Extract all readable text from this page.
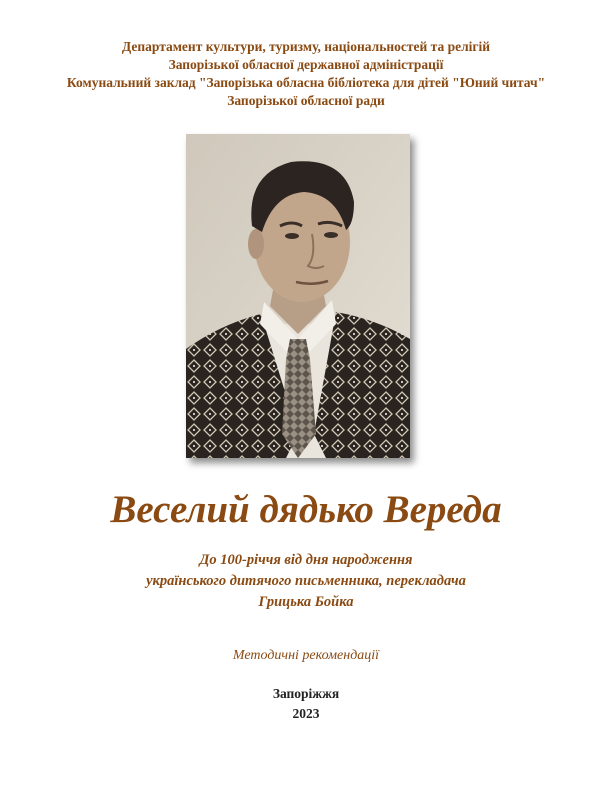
Департамент культури, туризму, національностей та релігій
Запорізької обласної державної адміністрації
Комунальний заклад "Запорізька обласна бібліотека для дітей "Юний читач"
Запорізької обласної ради
Веселий дядько Вереда
До 100-річчя від дня народження
українського дитячого письменника, перекладача
Грицька Бойка
Методичні рекомендації
Запоріжжя
2023
